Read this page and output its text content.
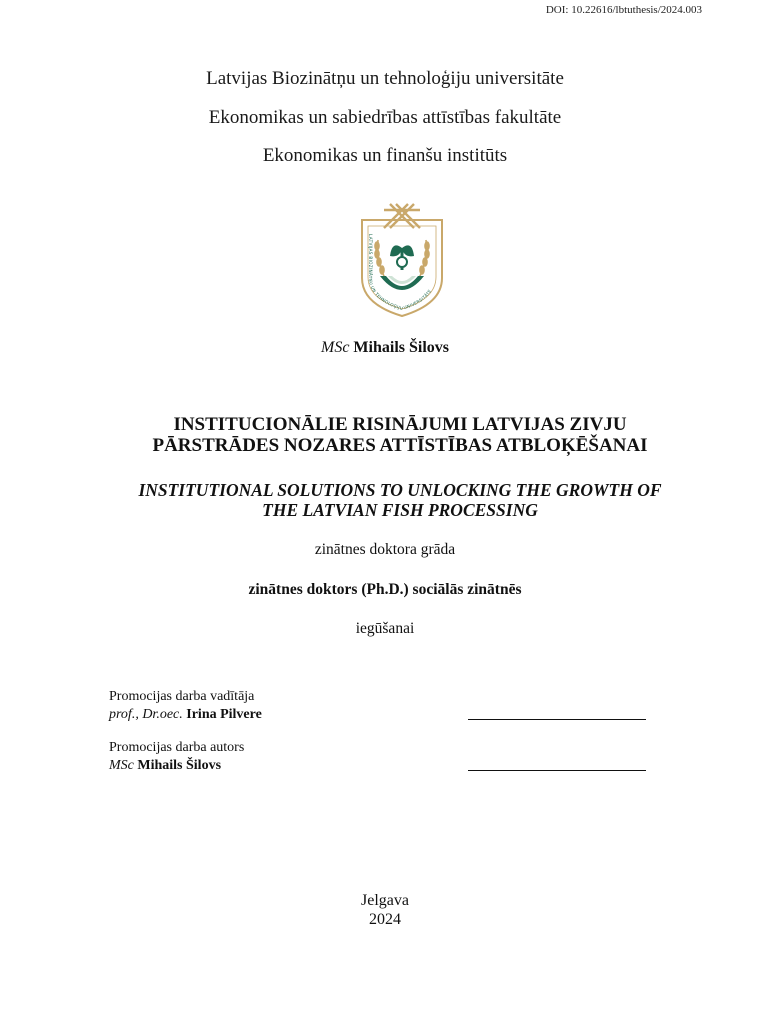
DOI: 10.22616/lbtuthesis/2024.003
Latvijas Biozinātņu un tehnoloģiju universitāte
Ekonomikas un sabiedrības attīstības fakultāte
Ekonomikas un finanšu institūts
LATVIJAS BIOZINĀTŅU UN TEHNOLOĢIJU UNIVERSITĀTE
MSc Mihails Šilovs
INSTITUCIONĀLIE RISINĀJUMI LATVIJAS ZIVJU
PĀRSTRĀDES NOZARES ATTĪSTĪBAS ATBLOĶĒŠANAI
INSTITUTIONAL SOLUTIONS TO UNLOCKING THE GROWTH OF
THE LATVIAN FISH PROCESSING
zinātnes doktora grāda
zinātnes doktors (Ph.D.) sociālās zinātnēs
iegūšanai
Promocijas darba vadītāja
prof., Dr.oec. Irina Pilvere
Promocijas darba autors
MSc Mihails Šilovs
Jelgava
2024
